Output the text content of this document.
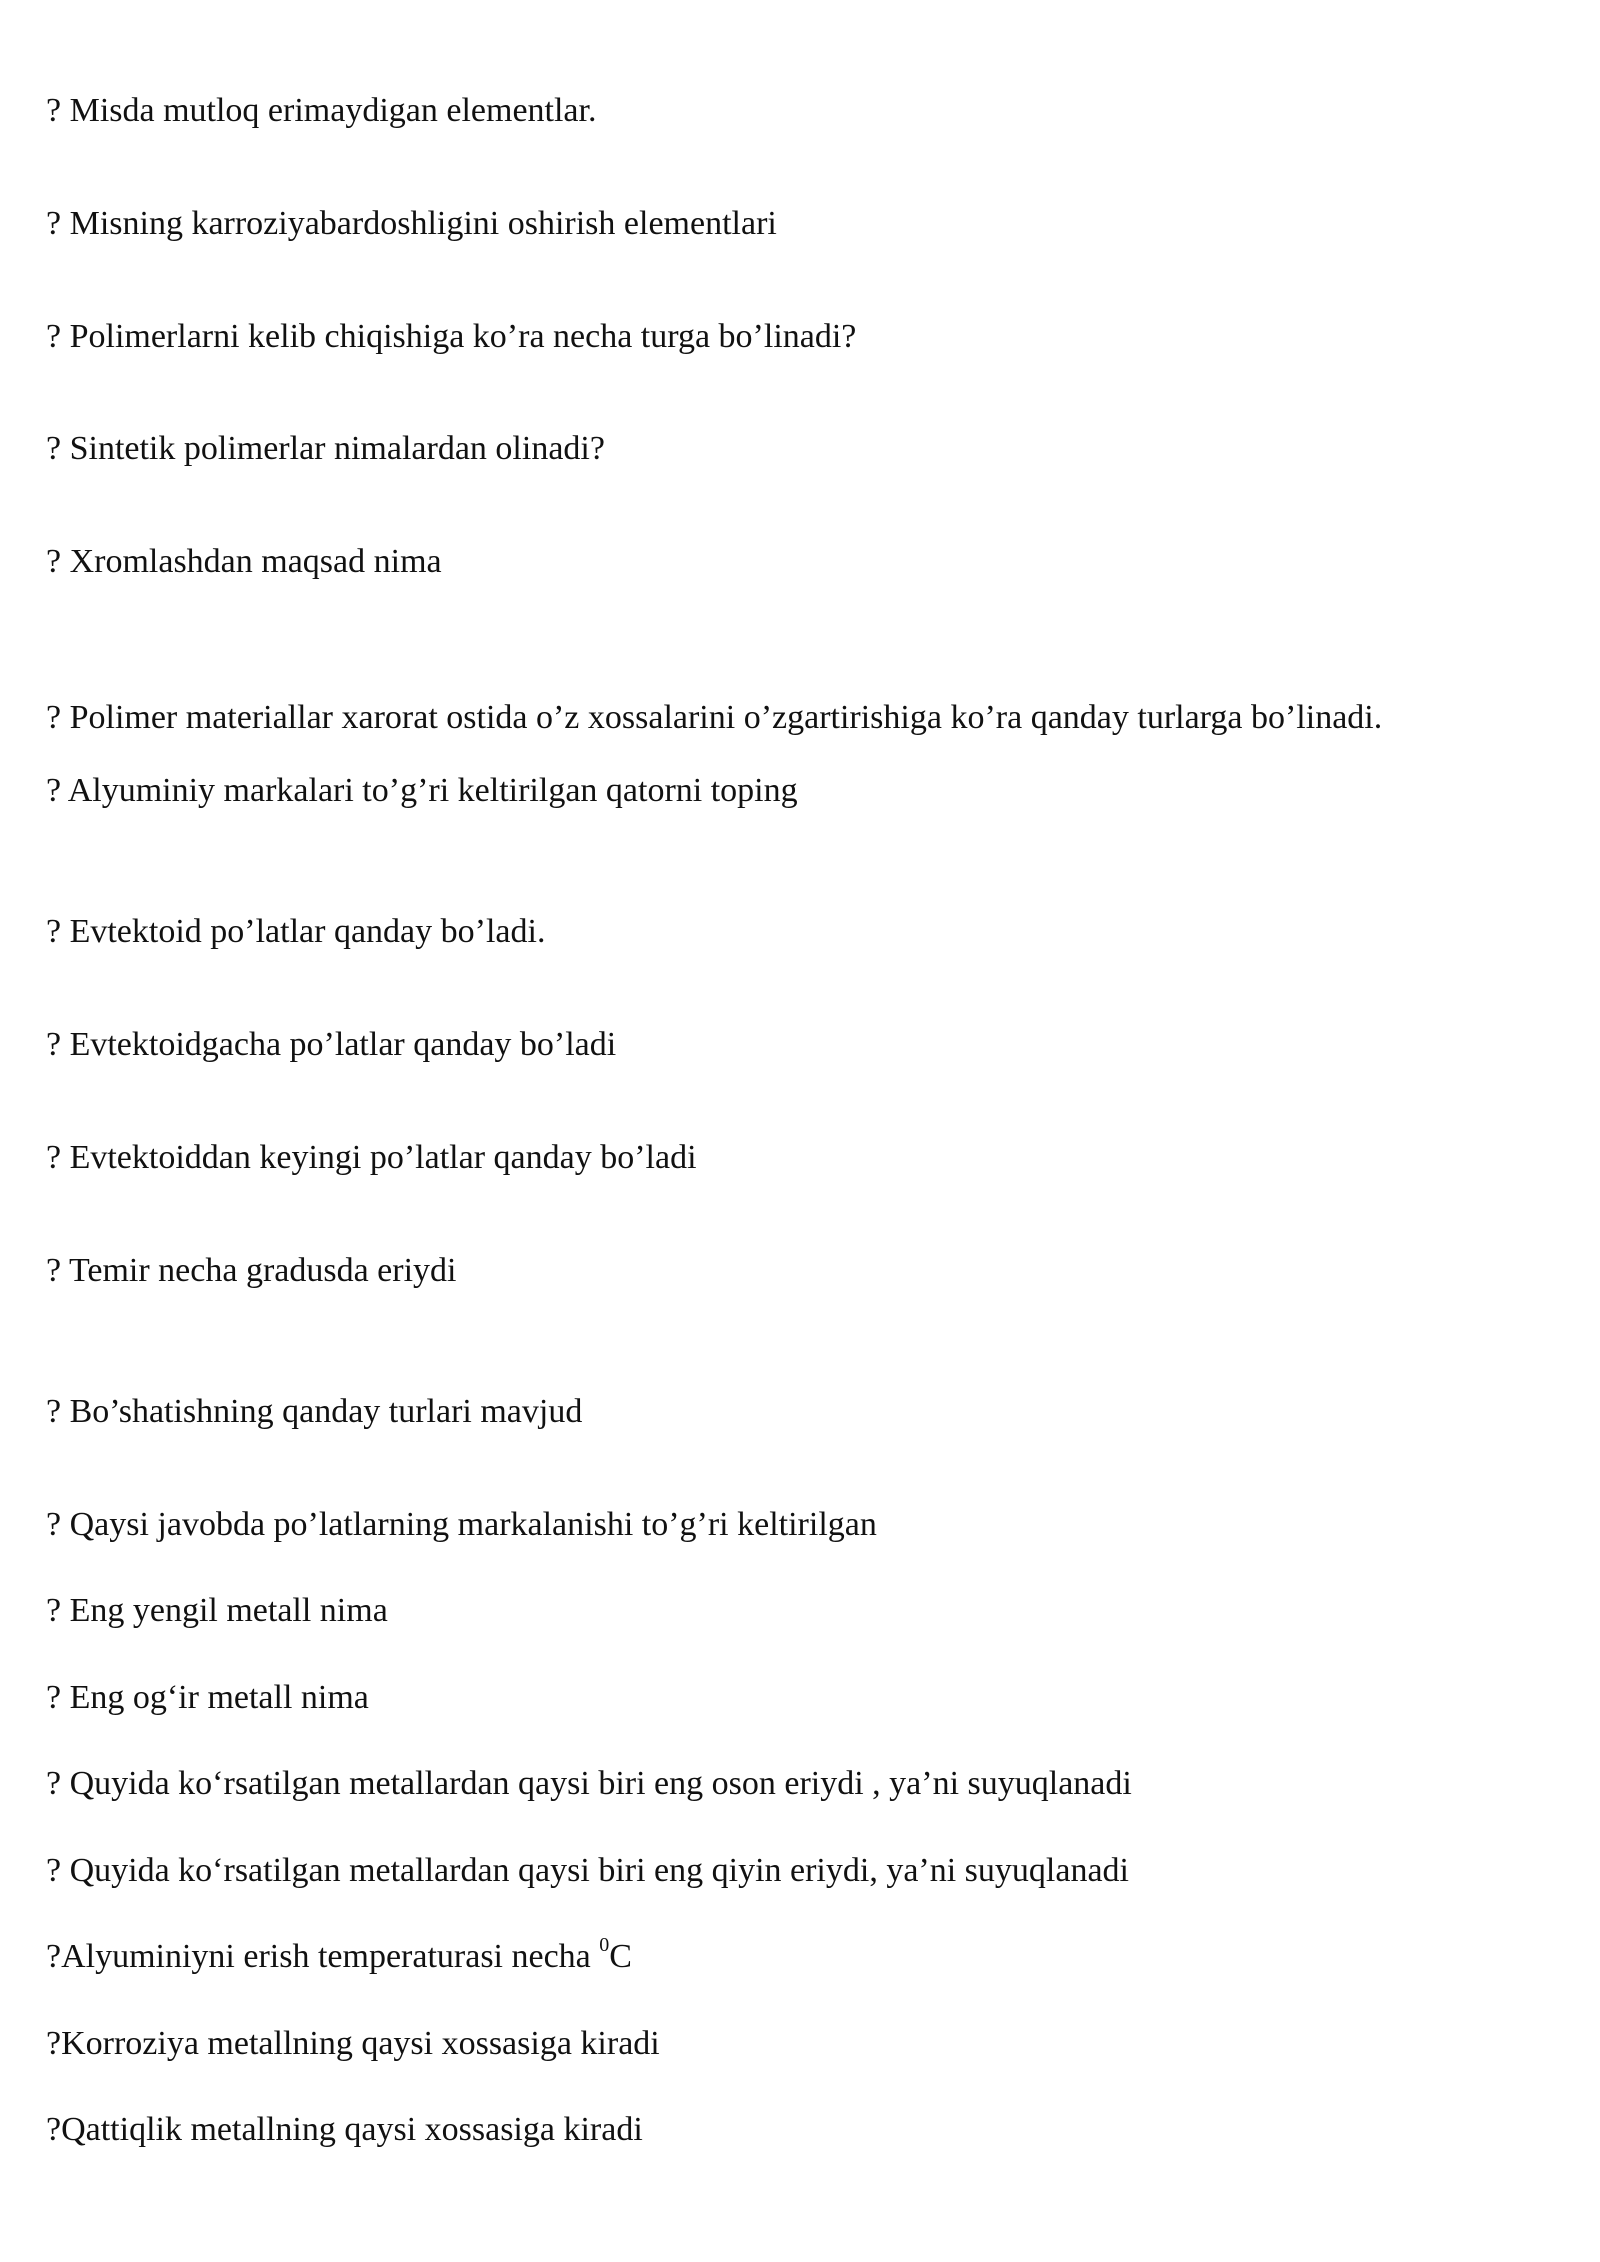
? Misda mutloq erimaydigan elementlar.

? Misning karroziyabardoshligini oshirish elementlari

? Polimerlarni kelib chiqishiga ko’ra necha turga bo’linadi?

? Sintetik polimerlar nimalardan olinadi?

? Xromlashdan maqsad nima

? Polimer materiallar xarorat ostida o’z xossalarini o’zgartirishiga ko’ra qanday turlarga bo’linadi.

? Alyuminiy markalari to’g’ri keltirilgan qatorni toping

? Evtektoid po’latlar qanday bo’ladi.

? Evtektoidgacha po’latlar qanday bo’ladi

? Evtektoiddan keyingi po’latlar qanday bo’ladi

? Temir necha gradusda eriydi

? Bo’shatishning qanday turlari mavjud

? Qaysi javobda po’latlarning markalanishi to’g’ri keltirilgan

? Eng yengil metall nima

? Eng og‘ir metall nima

? Quyida ko‘rsatilgan metallardan qaysi biri eng oson eriydi , ya’ni suyuqlanadi

? Quyida ko‘rsatilgan metallardan qaysi biri eng qiyin eriydi, ya’ni suyuqlanadi

?Alyuminiyni erish temperaturasi necha $^0$C

?Korroziya metallning qaysi xossasiga kiradi

?Qattiqlik metallning qaysi xossasiga kiradi
